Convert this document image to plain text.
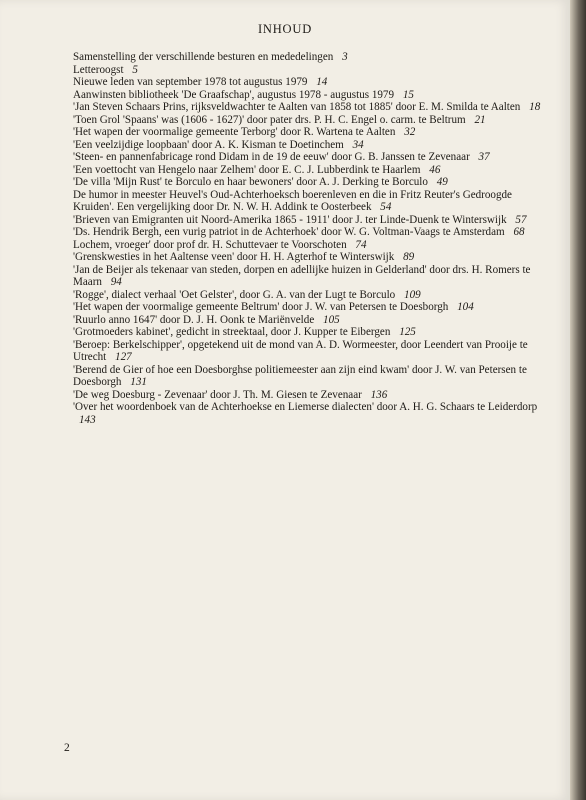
INHOUD
Samenstelling der verschillende besturen en mededelingen 3
Letteroogst 5
Nieuwe leden van september 1978 tot augustus 1979 14
Aanwinsten bibliotheek 'De Graafschap', augustus 1978 - augustus 1979 15
'Jan Steven Schaars Prins, rijksveldwachter te Aalten van 1858 tot 1885' door E. M. Smilda te Aalten 18
'Toen Grol 'Spaans' was (1606 - 1627)' door pater drs. P. H. C. Engel o. carm. te Beltrum 21
'Het wapen der voormalige gemeente Terborg' door R. Wartena te Aalten 32
'Een veelzijdige loopbaan' door A. K. Kisman te Doetinchem 34
'Steen- en pannenfabricage rond Didam in de 19 de eeuw' door G. B. Janssen te Zevenaar 37
'Een voettocht van Hengelo naar Zelhem' door E. C. J. Lubberdink te Haarlem 46
'De villa 'Mijn Rust' te Borculo en haar bewoners' door A. J. Derking te Borculo 49
De humor in meester Heuvel's Oud-Achterhoeksch boerenleven en die in Fritz Reuter's Gedroogde Kruiden'. Een vergelijking door Dr. N. W. H. Addink te Oosterbeek 54
'Brieven van Emigranten uit Noord-Amerika 1865 - 1911' door J. ter Linde-Duenk te Winterswijk 57
'Ds. Hendrik Bergh, een vurig patriot in de Achterhoek' door W. G. Voltman-Vaags te Amsterdam 68
Lochem, vroeger' door prof dr. H. Schuttevaer te Voorschoten 74
'Grenskwesties in het Aaltense veen' door H. H. Agterhof te Winterswijk 89
'Jan de Beijer als tekenaar van steden, dorpen en adellijke huizen in Gelderland' door drs. H. Romers te Maarn 94
'Rogge', dialect verhaal 'Oet Gelster', door G. A. van der Lugt te Borculo 109
'Het wapen der voormalige gemeente Beltrum' door J. W. van Petersen te Doesborgh 104
'Ruurlo anno 1647' door D. J. H. Oonk te Mariënvelde 105
'Grotmoeders kabinet', gedicht in streektaal, door J. Kupper te Eibergen 125
'Beroep: Berkelschipper', opgetekend uit de mond van A. D. Wormeester, door Leendert van Prooije te Utrecht 127
'Berend de Gier of hoe een Doesborghse politiemeester aan zijn eind kwam' door J. W. van Petersen te Doesborgh 131
'De weg Doesburg - Zevenaar' door J. Th. M. Giesen te Zevenaar 136
'Over het woordenboek van de Achterhoekse en Liemerse dialecten' door A. H. G. Schaars te Leiderdorp 143
2
